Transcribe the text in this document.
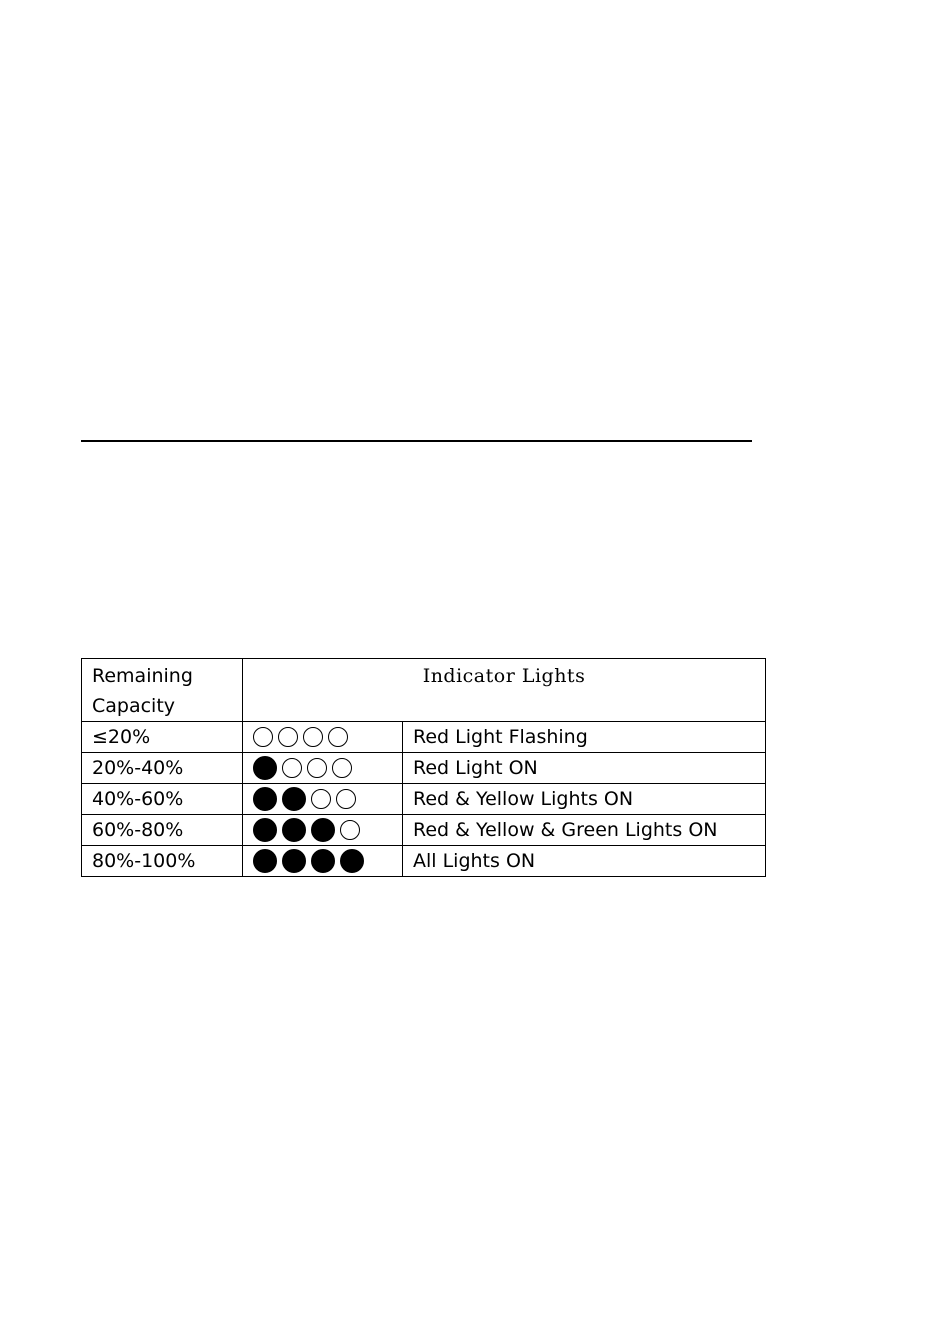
Remaining
Capacity	Indicator Lights	
≤20%		Red Light Flashing
20%-40%		Red Light ON
40%-60%		Red & Yellow Lights ON
60%-80%		Red & Yellow & Green Lights ON
80%-100%		All Lights ON
